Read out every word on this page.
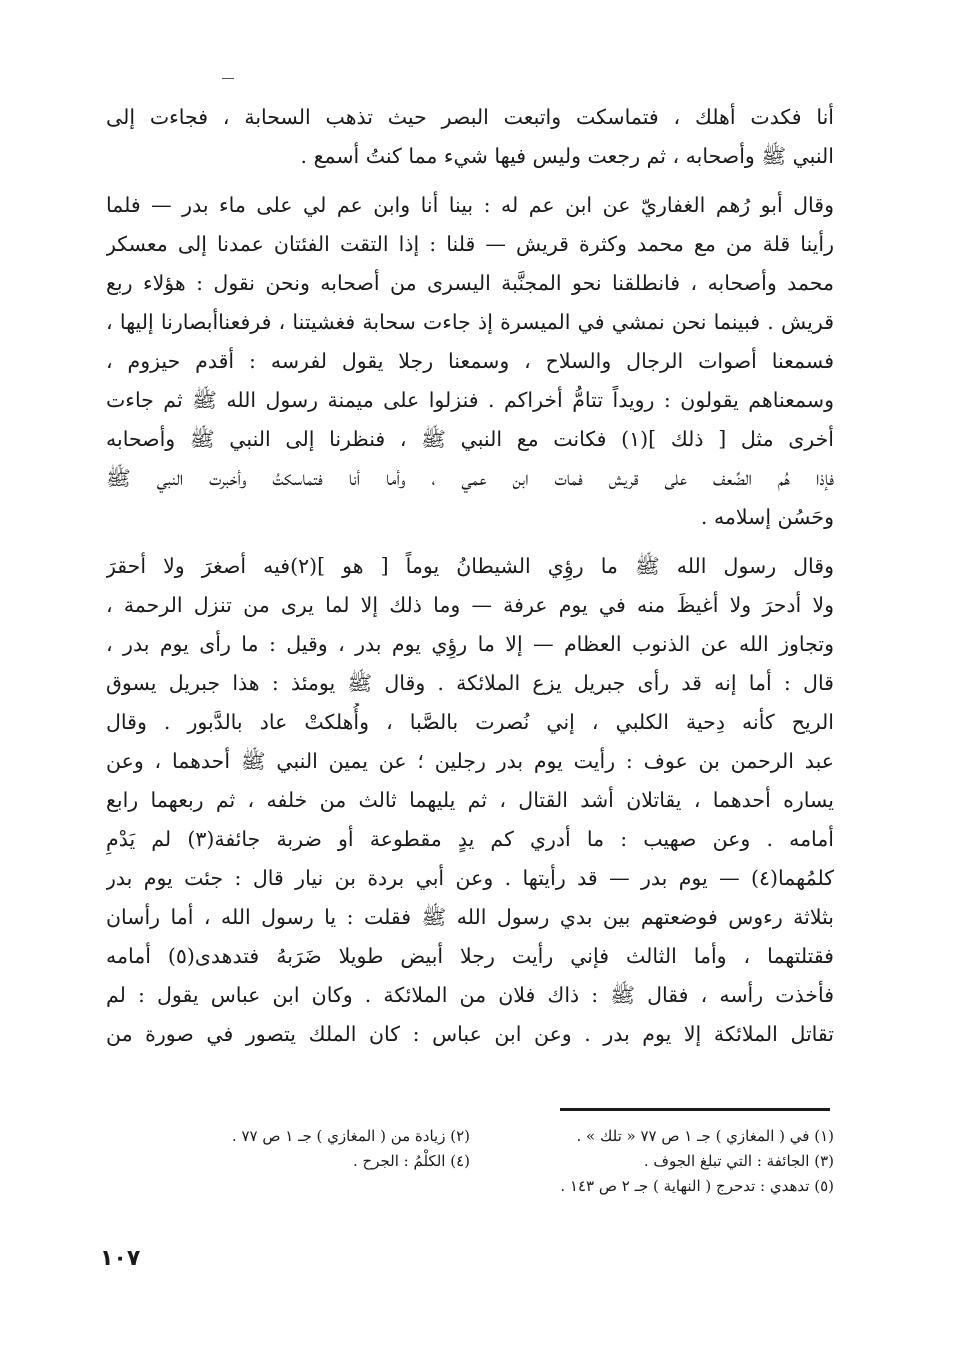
أنا فكدت أهلك ، فتماسكت واتبعت البصر حيث تذهب السحابة ، فجاءت إلى
النبي ﷺ وأصحابه ، ثم رجعت وليس فيها شيء مما كنتُ أسمع .
وقال أبو رُهم الغفاريّ عن ابن عم له : بينا أنا وابن عم لي على ماء بدر — فلما
رأينا قلة من مع محمد وكثرة قريش — قلنا : إذا التقت الفئتان عمدنا إلى معسكر
محمد وأصحابه ، فانطلقنا نحو المجنَّبة اليسرى من أصحابه ونحن نقول : هؤلاء ربع
قريش . فبينما نحن نمشي في الميسرة إذ جاءت سحابة فغشيتنا ، فرفعناأبصارنا إليها ،
فسمعنا أصوات الرجال والسلاح ، وسمعنا رجلا يقول لفرسه : أقدم حيزوم ،
وسمعناهم يقولون : رويداً تتامُّ أخراكم . فنزلوا على ميمنة رسول الله ﷺ ثم جاءت
أخرى مثل [ ذلك ](١) فكانت مع النبي ﷺ ، فنظرنا إلى النبي ﷺ وأصحابه
فإذا هُم الضِّعف على قريش فمات ابن عمي ، وأما أنا فتماسكتُ وأخبرت النبي ﷺ
وحَسُن إسلامه .
وقال رسول الله ﷺ ما رؤِي الشيطانُ يوماً [ هو ](٢)فيه أصغرَ ولا أحقرَ
ولا أدحرَ ولا أغيظَ منه في يوم عرفة — وما ذلك إلا لما يرى من تنزل الرحمة ،
وتجاوز الله عن الذنوب العظام — إلا ما رؤِي يوم بدر ، وقيل : ما رأى يوم بدر ،
قال : أما إنه قد رأى جبريل يزع الملائكة . وقال ﷺ يومئذ : هذا جبريل يسوق
الريح كأنه دِحية الكلبي ، إني نُصرت بالصَّبا ، وأُهلكتْ عاد بالدَّبور . وقال
عبد الرحمن بن عوف : رأيت يوم بدر رجلين ؛ عن يمين النبي ﷺ أحدهما ، وعن
يساره أحدهما ، يقاتلان أشد القتال ، ثم يليهما ثالث من خلفه ، ثم ربعهما رابع
أمامه . وعن صهيب : ما أدري كم يدٍ مقطوعة أو ضربة جائفة(٣) لم يَدْمِ
كلمُهما(٤) — يوم بدر — قد رأيتها . وعن أبي بردة بن نيار قال : جئت يوم بدر
بثلاثة رءوس فوضعتهم بين بدي رسول الله ﷺ فقلت : يا رسول الله ، أما رأسان
فقتلتهما ، وأما الثالث فإني رأيت رجلا أبيض طويلا ضَرَبهُ فتدهدى(٥) أمامه
فأخذت رأسه ، فقال ﷺ : ذاك فلان من الملائكة . وكان ابن عباس يقول : لم
تقاتل الملائكة إلا يوم بدر . وعن ابن عباس : كان الملك يتصور في صورة من
(١) في ( المغازي ) جـ ١ ص ٧٧ « تلك » .
(٢) زيادة من ( المغازي ) جـ ١ ص ٧٧ .
(٣) الجائفة : التي تبلغ الجوف .
(٤) الكلْمُ : الجرح .
(٥) تدهدي : تدحرج ( النهاية ) جـ ٢ ص ١٤٣ .
١٠٧
